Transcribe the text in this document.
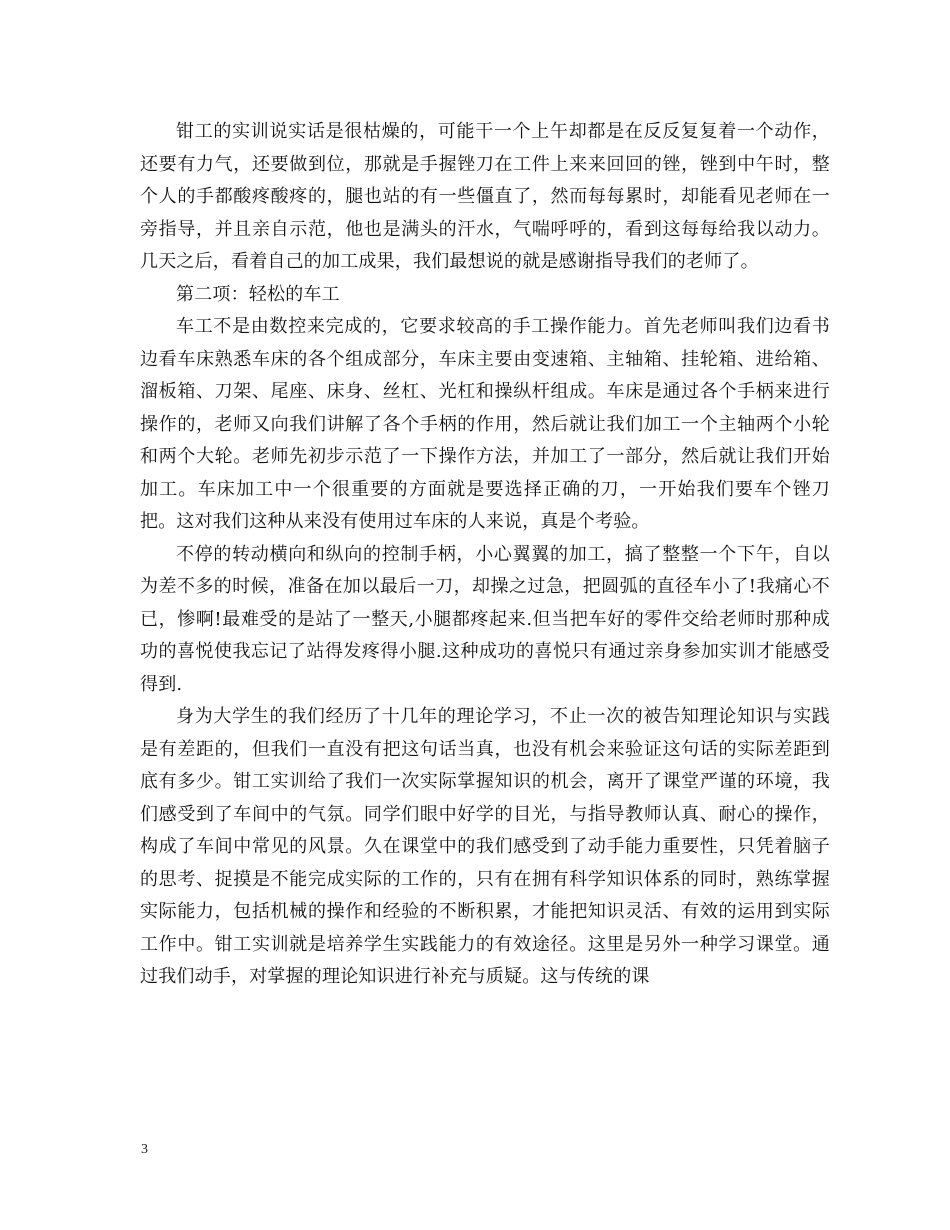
钳工的实训说实话是很枯燥的，可能干一个上午却都是在反反复复着一个动作，还要有力气，还要做到位，那就是手握锉刀在工件上来来回回的锉，锉到中午时，整个人的手都酸疼酸疼的，腿也站的有一些僵直了，然而每每累时，却能看见老师在一旁指导，并且亲自示范，他也是满头的汗水，气喘呼呼的，看到这每每给我以动力。几天之后，看着自己的加工成果，我们最想说的就是感谢指导我们的老师了。

第二项：轻松的车工

车工不是由数控来完成的，它要求较高的手工操作能力。首先老师叫我们边看书边看车床熟悉车床的各个组成部分，车床主要由变速箱、主轴箱、挂轮箱、进给箱、溜板箱、刀架、尾座、床身、丝杠、光杠和操纵杆组成。车床是通过各个手柄来进行操作的，老师又向我们讲解了各个手柄的作用，然后就让我们加工一个主轴两个小轮和两个大轮。老师先初步示范了一下操作方法，并加工了一部分，然后就让我们开始加工。车床加工中一个很重要的方面就是要选择正确的刀，一开始我们要车个锉刀把。这对我们这种从来没有使用过车床的人来说，真是个考验。

不停的转动横向和纵向的控制手柄，小心翼翼的加工，搞了整整一个下午，自以为差不多的时候，准备在加以最后一刀，却操之过急，把圆弧的直径车小了!我痛心不已，惨啊!最难受的是站了一整天,小腿都疼起来.但当把车好的零件交给老师时那种成功的喜悦使我忘记了站得发疼得小腿.这种成功的喜悦只有通过亲身参加实训才能感受得到.

身为大学生的我们经历了十几年的理论学习，不止一次的被告知理论知识与实践是有差距的，但我们一直没有把这句话当真，也没有机会来验证这句话的实际差距到底有多少。钳工实训给了我们一次实际掌握知识的机会，离开了课堂严谨的环境，我们感受到了车间中的气氛。同学们眼中好学的目光，与指导教师认真、耐心的操作，构成了车间中常见的风景。久在课堂中的我们感受到了动手能力重要性，只凭着脑子的思考、捉摸是不能完成实际的工作的，只有在拥有科学知识体系的同时，熟练掌握实际能力，包括机械的操作和经验的不断积累，才能把知识灵活、有效的运用到实际工作中。钳工实训就是培养学生实践能力的有效途径。这里是另外一种学习课堂。通过我们动手，对掌握的理论知识进行补充与质疑。这与传统的课

3
